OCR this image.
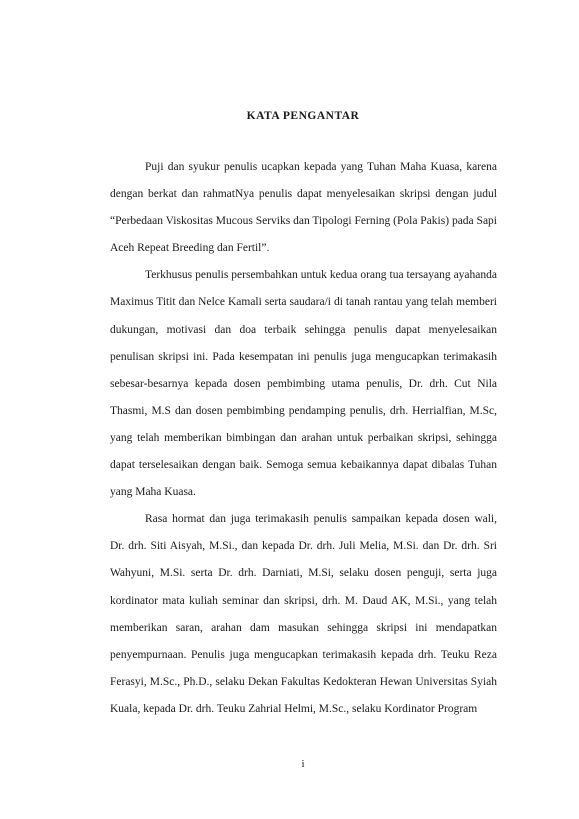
KATA PENGANTAR

Puji dan syukur penulis ucapkan kepada yang Tuhan Maha Kuasa, karena dengan berkat dan rahmatNya penulis dapat menyelesaikan skripsi dengan judul “Perbedaan Viskositas Mucous Serviks dan Tipologi Ferning (Pola Pakis) pada Sapi Aceh Repeat Breeding dan Fertil”.

Terkhusus penulis persembahkan untuk kedua orang tua tersayang ayahanda Maximus Titit dan Nelce Kamali serta saudara/i di tanah rantau yang telah memberi dukungan, motivasi dan doa terbaik sehingga penulis dapat menyelesaikan penulisan skripsi ini. Pada kesempatan ini penulis juga mengucapkan terimakasih sebesar-besarnya kepada dosen pembimbing utama penulis, Dr. drh. Cut Nila Thasmi, M.S dan dosen pembimbing pendamping penulis, drh. Herrialfian, M.Sc, yang telah memberikan bimbingan dan arahan untuk perbaikan skripsi, sehingga dapat terselesaikan dengan baik. Semoga semua kebaikannya dapat dibalas Tuhan yang Maha Kuasa.

Rasa hormat dan juga terimakasih penulis sampaikan kepada dosen wali, Dr. drh. Siti Aisyah, M.Si., dan kepada Dr. drh. Juli Melia, M.Si. dan Dr. drh. Sri Wahyuni, M.Si. serta Dr. drh. Darniati, M.Si, selaku dosen penguji, serta juga kordinator mata kuliah seminar dan skripsi, drh. M. Daud AK, M.Si., yang telah memberikan saran, arahan dam masukan sehingga skripsi ini mendapatkan penyempurnaan. Penulis juga mengucapkan terimakasih kepada drh. Teuku Reza Ferasyi, M.Sc., Ph.D., selaku Dekan Fakultas Kedokteran Hewan Universitas Syiah Kuala, kepada Dr. drh. Teuku Zahrial Helmi, M.Sc., selaku Kordinator Program

i
